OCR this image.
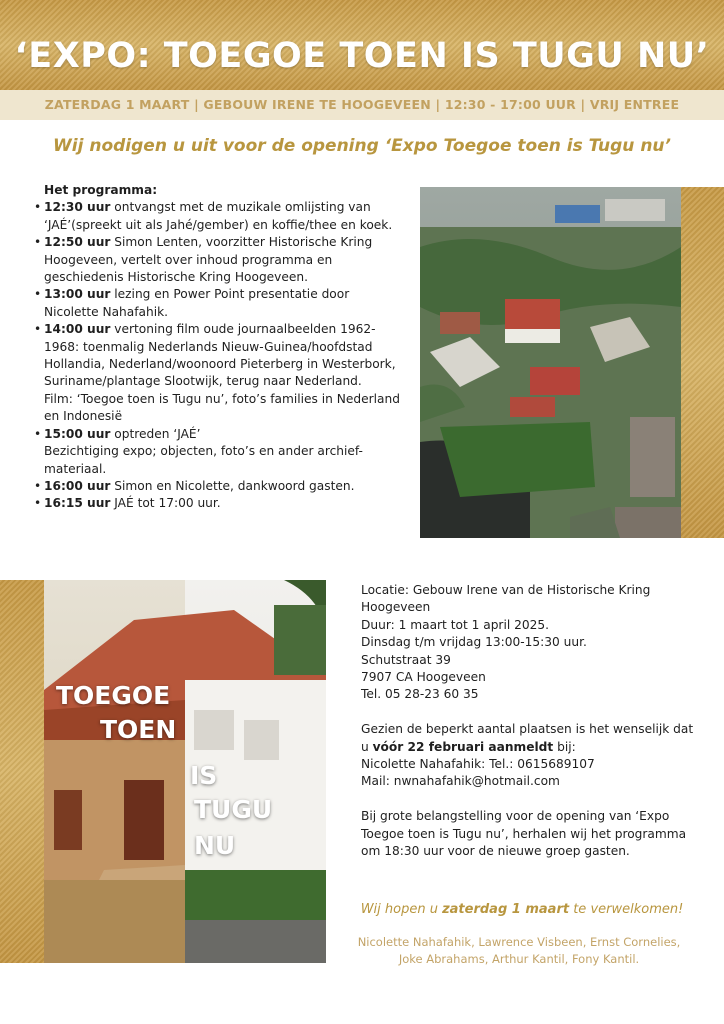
‘EXPO: TOEGOE TOEN IS TUGU NU’
ZATERDAG 1 MAART | GEBOUW IRENE TE HOOGEVEEN | 12:30 - 17:00 UUR | VRIJ ENTREE
Wij nodigen u uit voor de opening ‘Expo Toegoe toen is Tugu nu’
Het programma:
• 12:30 uur ontvangst met de muzikale omlijsting van ‘JAÉ’(spreekt uit als Jahé/gember) en koffie/thee en koek.
• 12:50 uur Simon Lenten, voorzitter Historische Kring Hoogeveen, vertelt over inhoud programma en geschiedenis Historische Kring Hoogeveen.
• 13:00 uur lezing en Power Point presentatie door Nicolette Nahafahik.
• 14:00 uur vertoning film oude journaalbeelden 1962-1968: toenmalig Nederlands Nieuw-Guinea/hoofdstad Hollandia, Nederland/woonoord Pieterberg in Westerbork, Suriname/plantage Slootwijk, terug naar Nederland.
Film: ‘Toegoe toen is Tugu nu’, foto’s families in Nederland en Indonesië
• 15:00 uur optreden ‘JAÉ’
Bezichtiging expo; objecten, foto’s en ander archief-materiaal.
• 16:00 uur Simon en Nicolette, dankwoord gasten.
• 16:15 uur JAÉ tot 17:00 uur.
TOEGOE
TOEN
IS
TUGU
NU

Locatie: Gebouw Irene van de Historische Kring Hoogeveen

Duur: 1 maart tot 1 april 2025.

Dinsdag t/m vrijdag 13:00-15:30 uur.

Schutstraat 39

7907 CA Hoogeveen

Tel. 05 28-23 60 35

Gezien de beperkt aantal plaatsen is het wenselijk dat u vóór 22 februari aanmeldt bij:

Nicolette Nahafahik: Tel.: 0615689107

Mail: nwnahafahik@hotmail.com

Bij grote belangstelling voor de opening van ‘Expo Toegoe toen is Tugu nu’, herhalen wij het programma om 18:30 uur voor de nieuwe groep gasten.

Wij hopen u zaterdag 1 maart te verwelkomen!
Nicolette Nahafahik, Lawrence Visbeen, Ernst Cornelies,
Joke Abrahams, Arthur Kantil, Fony Kantil.
